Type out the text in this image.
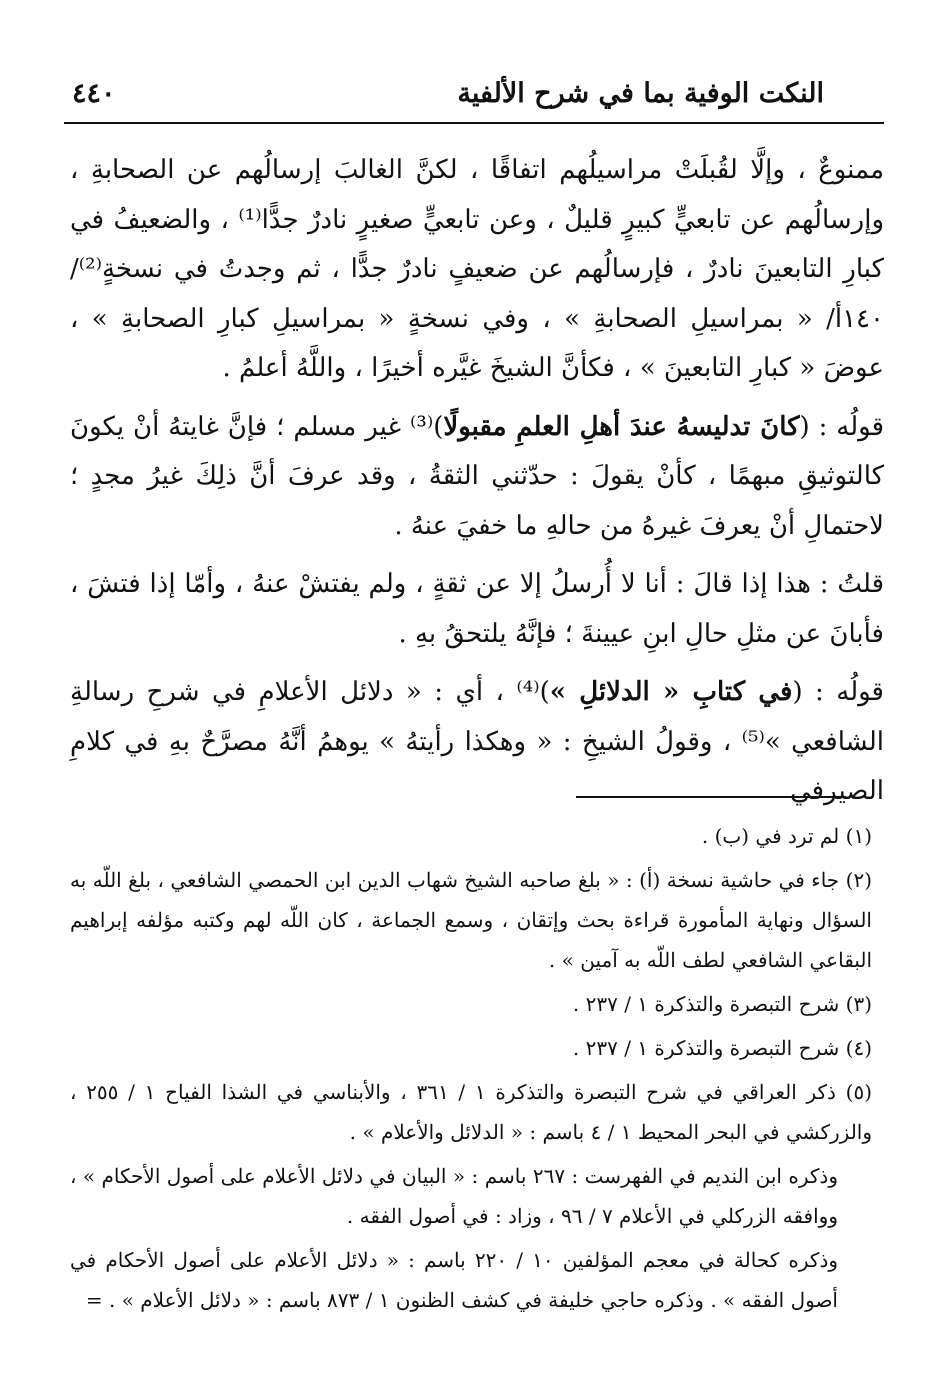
النكت الوفية بما في شرح الألفية
٤٤٠

ممنوعٌ ، وإلَّا لقُبلَتْ مراسيلُهم اتفاقًا ، لكنَّ الغالبَ إرسالُهم عن الصحابةِ ، وإرسالُهم عن تابعيٍّ كبيرٍ قليلٌ ، وعن تابعيٍّ صغيرٍ نادرٌ جدًّا⁽¹⁾ ، والضعيفُ في كبارِ التابعينَ نادرٌ ، فإرسالُهم عن ضعيفٍ نادرٌ جدًّا ، ثم وجدتُ في نسخةٍ⁽²⁾/١٤٠أ/ « بمراسيلِ الصحابةِ » ، وفي نسخةٍ « بمراسيلِ كبارِ الصحابةِ » ، عوضَ « كبارِ التابعينَ » ، فكأنَّ الشيخَ غيَّره أخيرًا ، واللَّهُ أعلمُ .

قولُه : (كانَ تدليسهُ عندَ أهلِ العلمِ مقبولًا)⁽³⁾ غير مسلم ؛ فإنَّ غايتهُ أنْ يكونَ كالتوثيقِ مبهمًا ، كأنْ يقولَ : حدّثني الثقةُ ، وقد عرفَ أنَّ ذلِكَ غيرُ مجدٍ ؛ لاحتمالِ أنْ يعرفَ غيرهُ من حالهِ ما خفيَ عنهُ .

قلتُ : هذا إذا قالَ : أنا لا أُرسلُ إلا عن ثقةٍ ، ولم يفتشْ عنهُ ، وأمّا إذا فتشَ ، فأبانَ عن مثلِ حالِ ابنِ عيينةَ ؛ فإنَّهُ يلتحقُ بهِ .

قولُه : (في كتابِ « الدلائلِ »)⁽⁴⁾ ، أي : « دلائل الأعلامِ في شرحِ رسالةِ الشافعي »⁽⁵⁾ ، وقولُ الشيخِ : « وهكذا رأيتهُ » يوهمُ أنَّهُ مصرَّحٌ بهِ في كلامِ الصيرفي

(١) لم ترد في (ب) .

(٢) جاء في حاشية نسخة (أ) : « بلغ صاحبه الشيخ شهاب الدين ابن الحمصي الشافعي ، بلغ اللّه به السؤال ونهاية المأمورة قراءة بحث وإتقان ، وسمع الجماعة ، كان اللّه لهم وكتبه مؤلفه إبراهيم البقاعي الشافعي لطف اللّه به آمين » .

(٣) شرح التبصرة والتذكرة ١ / ٢٣٧ .

(٤) شرح التبصرة والتذكرة ١ / ٢٣٧ .

(٥) ذكر العراقي في شرح التبصرة والتذكرة ١ / ٣٦١ ، والأبناسي في الشذا الفياح ١ / ٢٥٥ ، والزركشي في البحر المحيط ١ / ٤ باسم : « الدلائل والأعلام » .

وذكره ابن النديم في الفهرست : ٢٦٧ باسم : « البيان في دلائل الأعلام على أصول الأحكام » ، ووافقه الزركلي في الأعلام ٧ / ٩٦ ، وزاد : في أصول الفقه .

وذكره كحالة في معجم المؤلفين ١٠ / ٢٢٠ باسم : « دلائل الأعلام على أصول الأحكام في أصول الفقه » . وذكره حاجي خليفة في كشف الظنون ١ / ٨٧٣ باسم : « دلائل الأعلام » . =
